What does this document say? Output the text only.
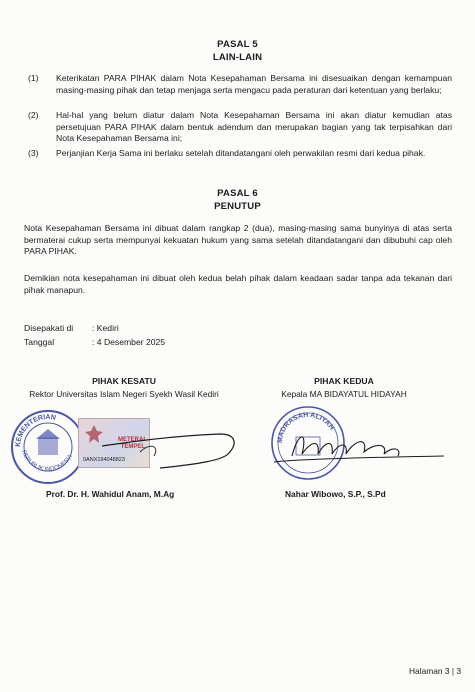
PASAL 5
LAIN-LAIN
(1) Keterikatan PARA PIHAK dalam Nota Kesepahaman Bersama ini disesuaikan dengan kemampuan masing-masing pihak dan tetap menjaga serta mengacu pada peraturan dari ketentuan yang berlaku;
(2) Hal-hal yang belum diatur dalam Nota Kesepahaman Bersama ini akan diatur kemudian atas persetujuan PARA PIHAK dalam bentuk adendum dan merupakan bagian yang tak terpisahkan dari Nota Kesepahaman Bersama ini;
(3) Perjanjian Kerja Sama ini berlaku setelah ditandatangani oleh perwakilan resmi dari kedua pihak.
PASAL 6
PENUTUP
Nota Kesepahaman Bersama ini dibuat dalam rangkap 2 (dua), masing-masing sama bunyinya di atas serta bermaterai cukup serta mempunyai kekuatan hukum yang sama setelah ditandatangani dan dibubuhi cap oleh PARA PIHAK.
Demikian nota kesepahaman ini dibuat oleh kedua belah pihak dalam keadaan sadar tanpa ada tekanan dari pihak manapun.
Disepakati di : Kediri
Tanggal	: 4 Desember 2025
PIHAK KESATU
Rektor Universitas Islam Negeri Syekh Wasil Kediri
KEMENTERIAN
REPUBLIK INDONESIA
METERAI TEMPEL
0ANX194048823
Prof. Dr. H. Wahidul Anam, M.Ag
PIHAK KEDUA
Kepala MA BIDAYATUL HIDAYAH
MADRASAH ALIYAH
Nahar Wibowo, S.P., S.Pd
Halaman 3 | 3
